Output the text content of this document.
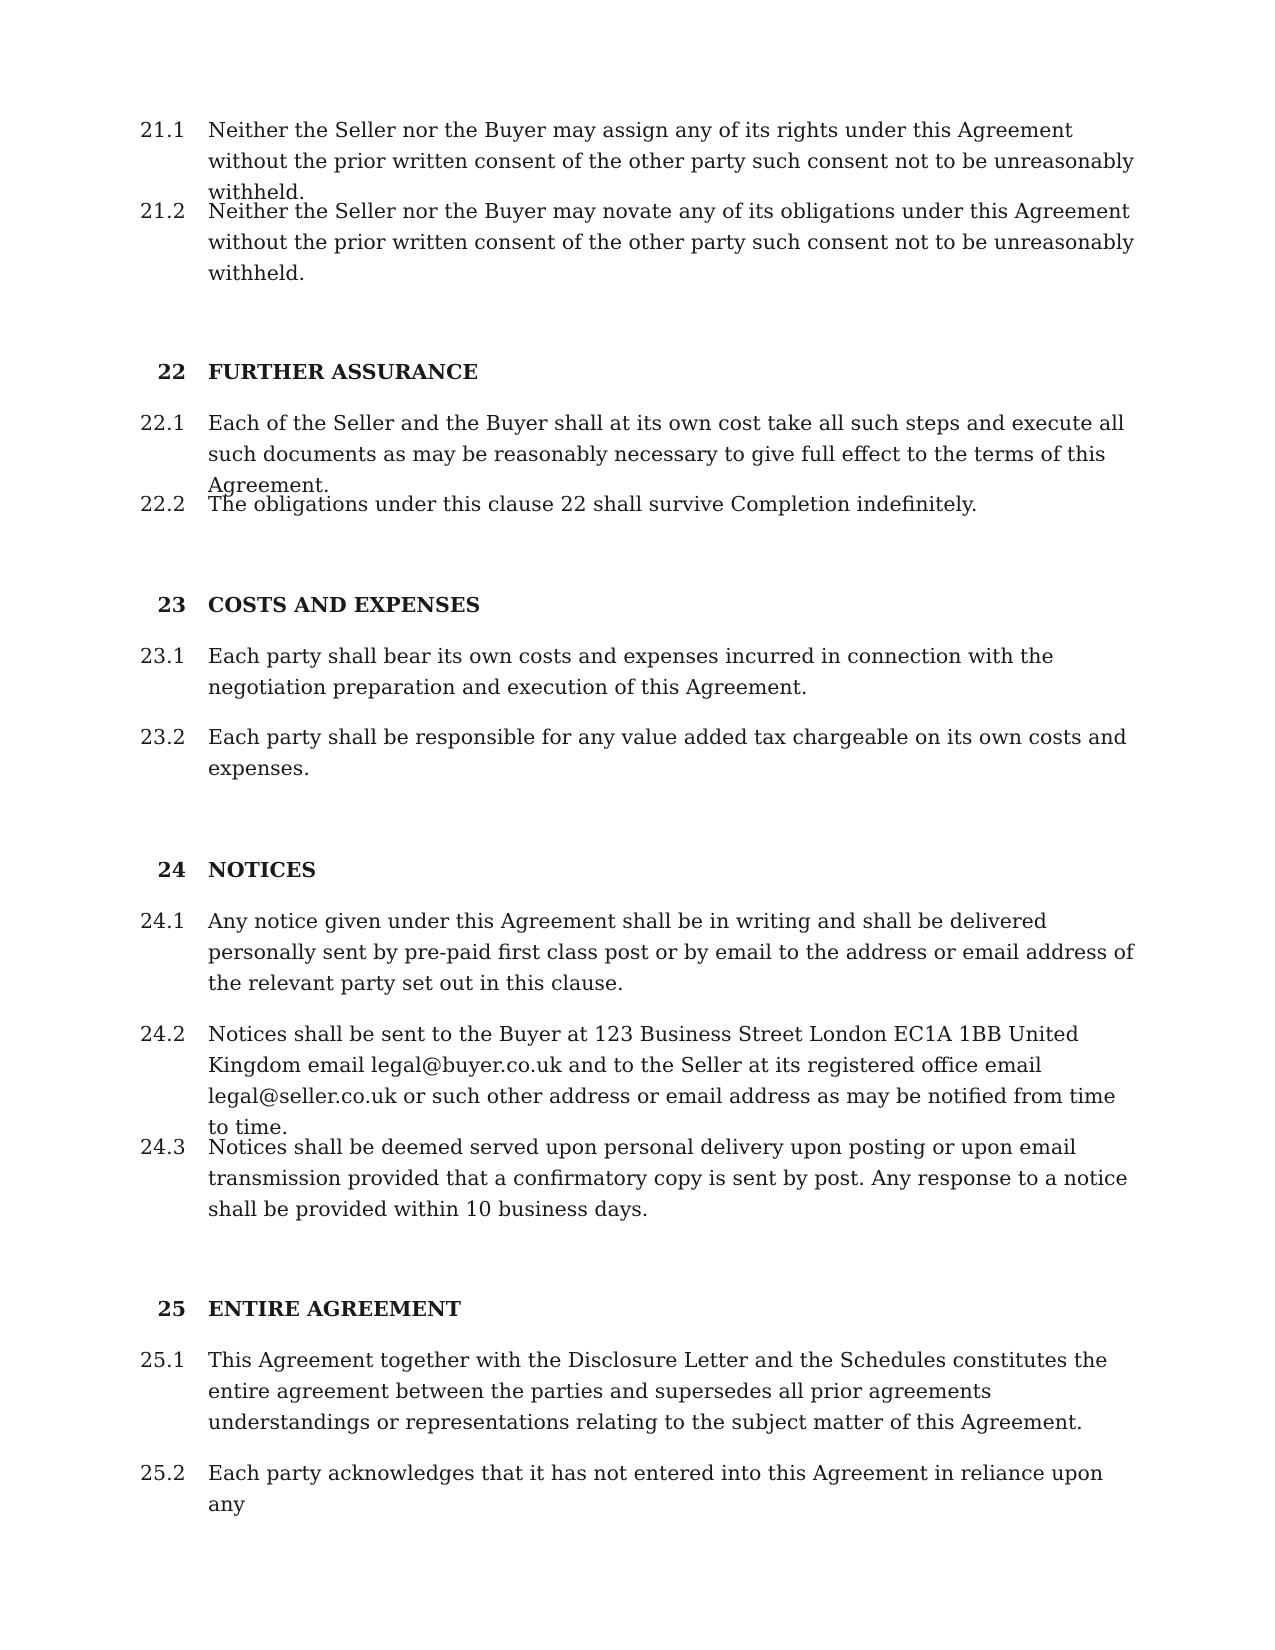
21.1	Neither the Seller nor the Buyer may assign any of its rights under this Agreement without the prior written consent of the other party such consent not to be unreasonably withheld.
21.2	Neither the Seller nor the Buyer may novate any of its obligations under this Agreement without the prior written consent of the other party such consent not to be unreasonably withheld.
22 FURTHER ASSURANCE
22.1	Each of the Seller and the Buyer shall at its own cost take all such steps and execute all such documents as may be reasonably necessary to give full effect to the terms of this Agreement.
22.2	The obligations under this clause 22 shall survive Completion indefinitely.
23 COSTS AND EXPENSES
23.1	Each party shall bear its own costs and expenses incurred in connection with the negotiation preparation and execution of this Agreement.
23.2	Each party shall be responsible for any value added tax chargeable on its own costs and expenses.
24 NOTICES
24.1	Any notice given under this Agreement shall be in writing and shall be delivered personally sent by pre-paid first class post or by email to the address or email address of the relevant party set out in this clause.
24.2	Notices shall be sent to the Buyer at 123 Business Street London EC1A 1BB United Kingdom email legal@buyer.co.uk and to the Seller at its registered office email legal@seller.co.uk or such other address or email address as may be notified from time to time.
24.3	Notices shall be deemed served upon personal delivery upon posting or upon email transmission provided that a confirmatory copy is sent by post. Any response to a notice shall be provided within 10 business days.
25 ENTIRE AGREEMENT
25.1	This Agreement together with the Disclosure Letter and the Schedules constitutes the entire agreement between the parties and supersedes all prior agreements understandings or representations relating to the subject matter of this Agreement.
25.2	Each party acknowledges that it has not entered into this Agreement in reliance upon any
